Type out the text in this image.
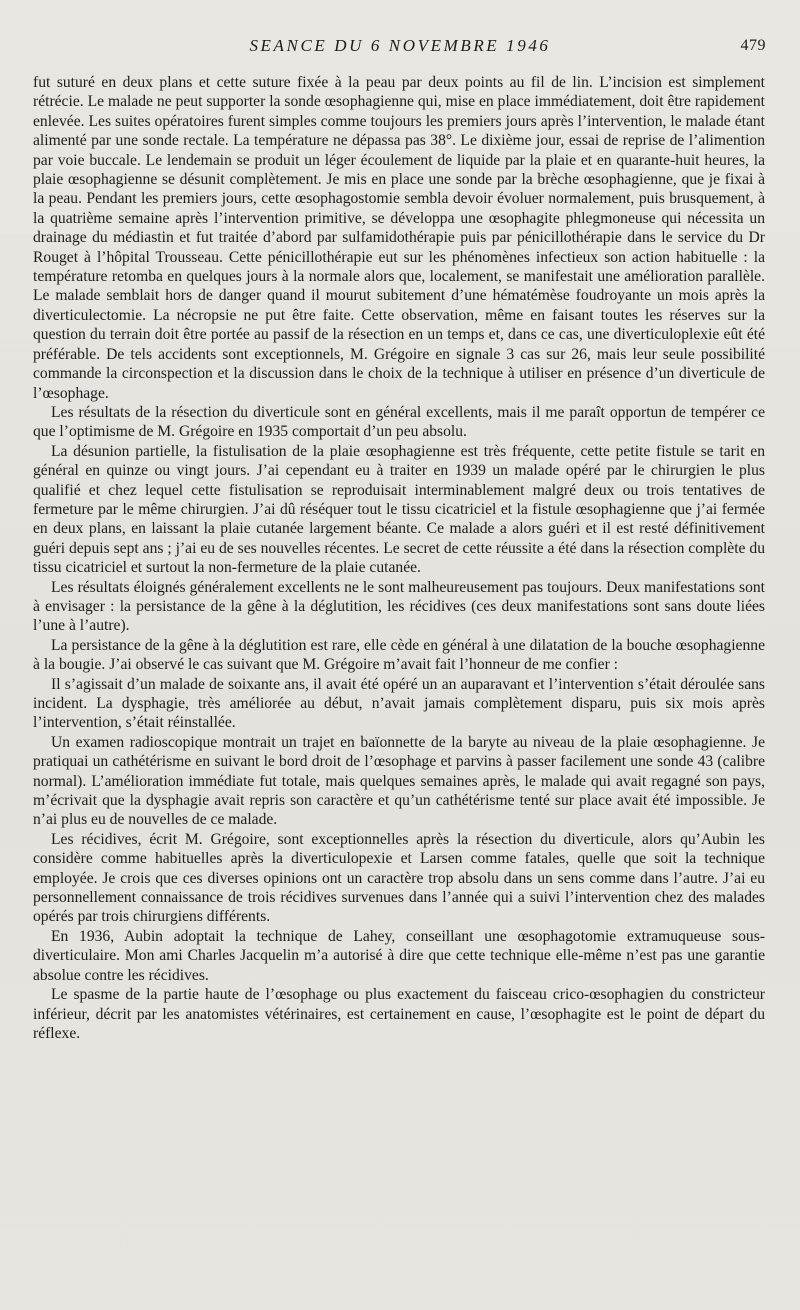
SEANCE DU 6 NOVEMBRE 1946	479

fut suturé en deux plans et cette suture fixée à la peau par deux points au fil de lin. L’incision est simplement rétrécie. Le malade ne peut supporter la sonde œsophagienne qui, mise en place immédiatement, doit être rapidement enlevée. Les suites opératoires furent simples comme toujours les premiers jours après l’intervention, le malade étant alimenté par une sonde rectale. La température ne dépassa pas 38°. Le dixième jour, essai de reprise de l’alimention par voie buccale. Le lendemain se produit un léger écoulement de liquide par la plaie et en quarante-huit heures, la plaie œsophagienne se désunit complètement. Je mis en place une sonde par la brèche œsophagienne, que je fixai à la peau. Pendant les premiers jours, cette œsophagostomie sembla devoir évoluer normalement, puis brusquement, à la quatrième semaine après l’intervention primitive, se développa une œsophagite phlegmoneuse qui nécessita un drainage du médiastin et fut traitée d’abord par sulfamidothérapie puis par pénicillothérapie dans le service du Dr Rouget à l’hôpital Trousseau. Cette pénicillothérapie eut sur les phénomènes infectieux son action habituelle : la température retomba en quelques jours à la normale alors que, localement, se manifestait une amélioration parallèle. Le malade semblait hors de danger quand il mourut subitement d’une hématémèse foudroyante un mois après la diverticulectomie. La nécropsie ne put être faite. Cette observation, même en faisant toutes les réserves sur la question du terrain doit être portée au passif de la résection en un temps et, dans ce cas, une diverticuloplexie eût été préférable. De tels accidents sont exceptionnels, M. Grégoire en signale 3 cas sur 26, mais leur seule possibilité commande la circonspection et la discussion dans le choix de la technique à utiliser en présence d’un diverticule de l’œsophage.

Les résultats de la résection du diverticule sont en général excellents, mais il me paraît opportun de tempérer ce que l’optimisme de M. Grégoire en 1935 comportait d’un peu absolu.

La désunion partielle, la fistulisation de la plaie œsophagienne est très fréquente, cette petite fistule se tarit en général en quinze ou vingt jours. J’ai cependant eu à traiter en 1939 un malade opéré par le chirurgien le plus qualifié et chez lequel cette fistulisation se reproduisait interminablement malgré deux ou trois tentatives de fermeture par le même chirurgien. J’ai dû réséquer tout le tissu cicatriciel et la fistule œsophagienne que j’ai fermée en deux plans, en laissant la plaie cutanée largement béante. Ce malade a alors guéri et il est resté définitivement guéri depuis sept ans ; j’ai eu de ses nouvelles récentes. Le secret de cette réussite a été dans la résection complète du tissu cicatriciel et surtout la non-fermeture de la plaie cutanée.

Les résultats éloignés généralement excellents ne le sont malheureusement pas toujours. Deux manifestations sont à envisager : la persistance de la gêne à la déglutition, les récidives (ces deux manifestations sont sans doute liées l’une à l’autre).

La persistance de la gêne à la déglutition est rare, elle cède en général à une dilatation de la bouche œsophagienne à la bougie. J’ai observé le cas suivant que M. Grégoire m’avait fait l’honneur de me confier :

Il s’agissait d’un malade de soixante ans, il avait été opéré un an auparavant et l’intervention s’était déroulée sans incident. La dysphagie, très améliorée au début, n’avait jamais complètement disparu, puis six mois après l’intervention, s’était réinstallée.

Un examen radioscopique montrait un trajet en baïonnette de la baryte au niveau de la plaie œsophagienne. Je pratiquai un cathétérisme en suivant le bord droit de l’œsophage et parvins à passer facilement une sonde 43 (calibre normal). L’amélioration immédiate fut totale, mais quelques semaines après, le malade qui avait regagné son pays, m’écrivait que la dysphagie avait repris son caractère et qu’un cathétérisme tenté sur place avait été impossible. Je n’ai plus eu de nouvelles de ce malade.

Les récidives, écrit M. Grégoire, sont exceptionnelles après la résection du diverticule, alors qu’Aubin les considère comme habituelles après la diverticulopexie et Larsen comme fatales, quelle que soit la technique employée. Je crois que ces diverses opinions ont un caractère trop absolu dans un sens comme dans l’autre. J’ai eu personnellement connaissance de trois récidives survenues dans l’année qui a suivi l’intervention chez des malades opérés par trois chirurgiens différents.

En 1936, Aubin adoptait la technique de Lahey, conseillant une œsophagotomie extramuqueuse sous-diverticulaire. Mon ami Charles Jacquelin m’a autorisé à dire que cette technique elle-même n’est pas une garantie absolue contre les récidives.

Le spasme de la partie haute de l’œsophage ou plus exactement du faisceau crico-œsophagien du constricteur inférieur, décrit par les anatomistes vétérinaires, est certainement en cause, l’œsophagite est le point de départ du réflexe.
